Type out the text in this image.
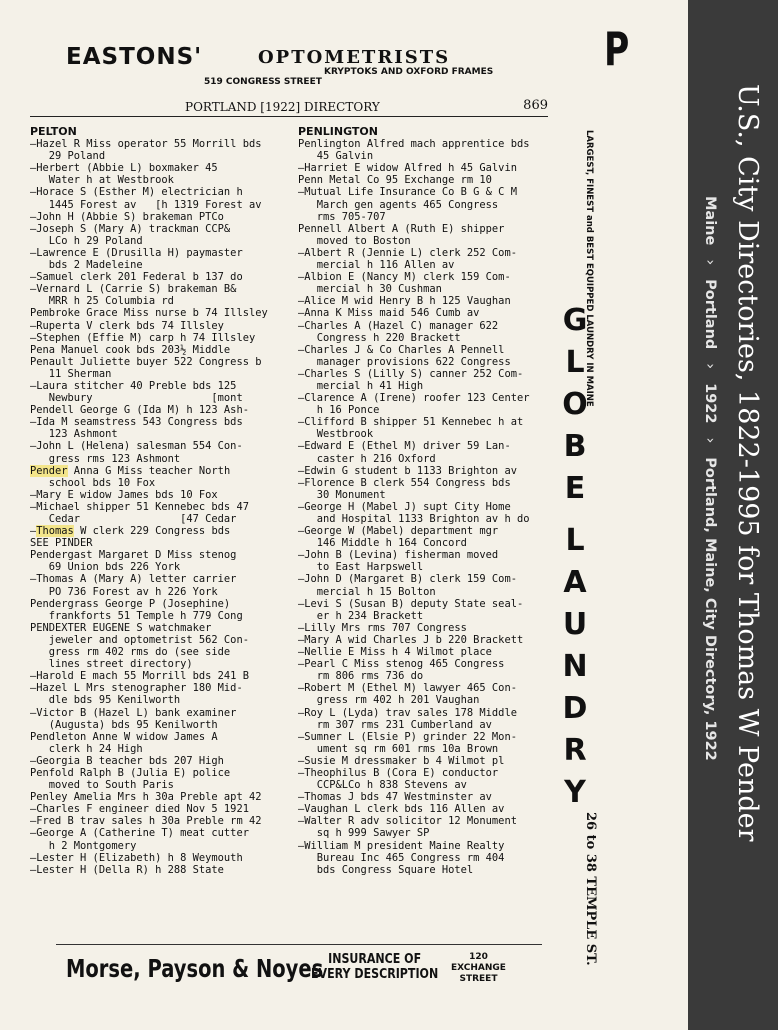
EASTONS'	OPTOMETRISTS
KRYPTOKS AND OXFORD FRAMES
519 CONGRESS STREET
P
PORTLAND [1922] DIRECTORY	869
PELTON
—Hazel R Miss operator 55 Morrill bds
29 Poland
—Herbert (Abbie L) boxmaker 45
Water h at Westbrook
—Horace S (Esther M) electrician h
1445 Forest av   [h 1319 Forest av
—John H (Abbie S) brakeman PTCo
—Joseph S (Mary A) trackman CCP&
LCo h 29 Poland
—Lawrence E (Drusilla H) paymaster
bds 2 Madeleine
—Samuel clerk 201 Federal b 137 do
—Vernard L (Carrie S) brakeman B&
MRR h 25 Columbia rd
Pembroke Grace Miss nurse b 74 Illsley
—Ruperta V clerk bds 74 Illsley
—Stephen (Effie M) carp h 74 Illsley
Pena Manuel cook bds 203½ Middle
Penault Juliette buyer 522 Congress b
11 Sherman
—Laura stitcher 40 Preble bds 125
Newbury                   [mont
Pendell George G (Ida M) h 123 Ash-
—Ida M seamstress 543 Congress bds
123 Ashmont
—John L (Helena) salesman 554 Con-
gress rms 123 Ashmont
Pender Anna G Miss teacher North
school bds 10 Fox
—Mary E widow James bds 10 Fox
—Michael shipper 51 Kennebec bds 47
Cedar                [47 Cedar
—Thomas W clerk 229 Congress bds
SEE PINDER
Pendergast Margaret D Miss stenog
69 Union bds 226 York
—Thomas A (Mary A) letter carrier
PO 736 Forest av h 226 York
Pendergrass George P (Josephine)
frankforts 51 Temple h 779 Cong
PENDEXTER EUGENE S watchmaker
jeweler and optometrist 562 Con-
gress rm 402 rms do (see side
lines street directory)
—Harold E mach 55 Morrill bds 241 B
—Hazel L Mrs stenographer 180 Mid-
dle bds 95 Kenilworth
—Victor B (Hazel L) bank examiner
(Augusta) bds 95 Kenilworth
Pendleton Anne W widow James A
clerk h 24 High
—Georgia B teacher bds 207 High
Penfold Ralph B (Julia E) police
moved to South Paris
Penley Amelia Mrs h 30a Preble apt 42
—Charles F engineer died Nov 5 1921
—Fred B trav sales h 30a Preble rm 42
—George A (Catherine T) meat cutter
h 2 Montgomery
—Lester H (Elizabeth) h 8 Weymouth
—Lester H (Della R) h 288 State
PENLINGTON
Penlington Alfred mach apprentice bds
45 Galvin
—Harriet E widow Alfred h 45 Galvin
Penn Metal Co 95 Exchange rm 10
—Mutual Life Insurance Co B G & C M
March gen agents 465 Congress
rms 705-707
Pennell Albert A (Ruth E) shipper
moved to Boston
—Albert R (Jennie L) clerk 252 Com-
mercial h 116 Allen av
—Albion E (Nancy M) clerk 159 Com-
mercial h 30 Cushman
—Alice M wid Henry B h 125 Vaughan
—Anna K Miss maid 546 Cumb av
—Charles A (Hazel C) manager 622
Congress h 220 Brackett
—Charles J & Co Charles A Pennell
manager provisions 622 Congress
—Charles S (Lilly S) canner 252 Com-
mercial h 41 High
—Clarence A (Irene) roofer 123 Center
h 16 Ponce
—Clifford B shipper 51 Kennebec h at
Westbrook
—Edward E (Ethel M) driver 59 Lan-
caster h 216 Oxford
—Edwin G student b 1133 Brighton av
—Florence B clerk 554 Congress bds
30 Monument
—George H (Mabel J) supt City Home
and Hospital 1133 Brighton av h do
—George W (Mabel) department mgr
146 Middle h 164 Concord
—John B (Levina) fisherman moved
to East Harpswell
—John D (Margaret B) clerk 159 Com-
mercial h 15 Bolton
—Levi S (Susan B) deputy State seal-
er h 234 Brackett
—Lilly Mrs rms 707 Congress
—Mary A wid Charles J b 220 Brackett
—Nellie E Miss h 4 Wilmot place
—Pearl C Miss stenog 465 Congress
rm 806 rms 736 do
—Robert M (Ethel M) lawyer 465 Con-
gress rm 402 h 201 Vaughan
—Roy L (Lyda) trav sales 178 Middle
rm 307 rms 231 Cumberland av
—Sumner L (Elsie P) grinder 22 Mon-
ument sq rm 601 rms 10a Brown
—Susie M dressmaker b 4 Wilmot pl
—Theophilus B (Cora E) conductor
CCP&LCo h 838 Stevens av
—Thomas J bds 47 Westminster av
—Vaughan L clerk bds 116 Allen av
—Walter R adv solicitor 12 Monument
sq h 999 Sawyer SP
—William M president Maine Realty
Bureau Inc 465 Congress rm 404
bds Congress Square Hotel
LARGEST, FINEST and BEST EQUIPPED LAUNDRY IN MAINE
G
L
O
B
E
L
A
U
N
D
R
Y
26 to 38 TEMPLE ST.
Morse, Payson & Noyes INSURANCE OF
EVERY DESCRIPTION
120
EXCHANGE
STREET
U.S., City Directories, 1822-1995 for Thomas W Pender
Maine›Portland›1922›Portland, Maine, City Directory, 1922
